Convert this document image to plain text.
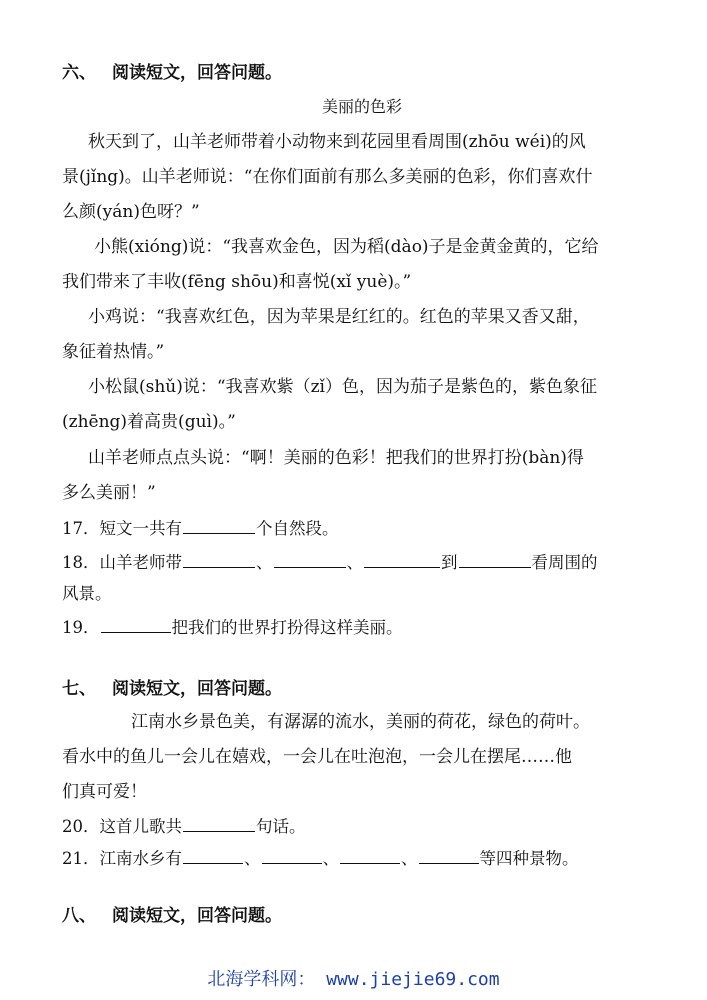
六、 阅读短文，回答问题。
美丽的色彩
秋天到了，山羊老师带着小动物来到花园里看周围(zhōu wéi)的风
景(jǐng)。山羊老师说：“在你们面前有那么多美丽的色彩，你们喜欢什
么颜(yán)色呀？”
小熊(xióng)说：“我喜欢金色，因为稻(dào)子是金黄金黄的，它给
我们带来了丰收(fēng shōu)和喜悦(xǐ yuè)。”
小鸡说：“我喜欢红色，因为苹果是红红的。红色的苹果又香又甜，
象征着热情。”
小松鼠(shǔ)说：“我喜欢紫（zǐ）色，因为茄子是紫色的，紫色象征
(zhēng)着高贵(guì)。”
山羊老师点点头说：“啊！美丽的色彩！把我们的世界打扮(bàn)得
多么美丽！”
17．短文一共有	个自然段。
18．山羊老师带	、	、	到	看周围的
风景。
19．	把我们的世界打扮得这样美丽。
七、 阅读短文，回答问题。
江南水乡景色美，有潺潺的流水，美丽的荷花，绿色的荷叶。
看水中的鱼儿一会儿在嬉戏，一会儿在吐泡泡，一会儿在摆尾……他
们真可爱！
20．这首儿歌共	句话。
21．江南水乡有	、	、	、	等四种景物。
八、 阅读短文，回答问题。
北海学科网： www.jiejie69.com
